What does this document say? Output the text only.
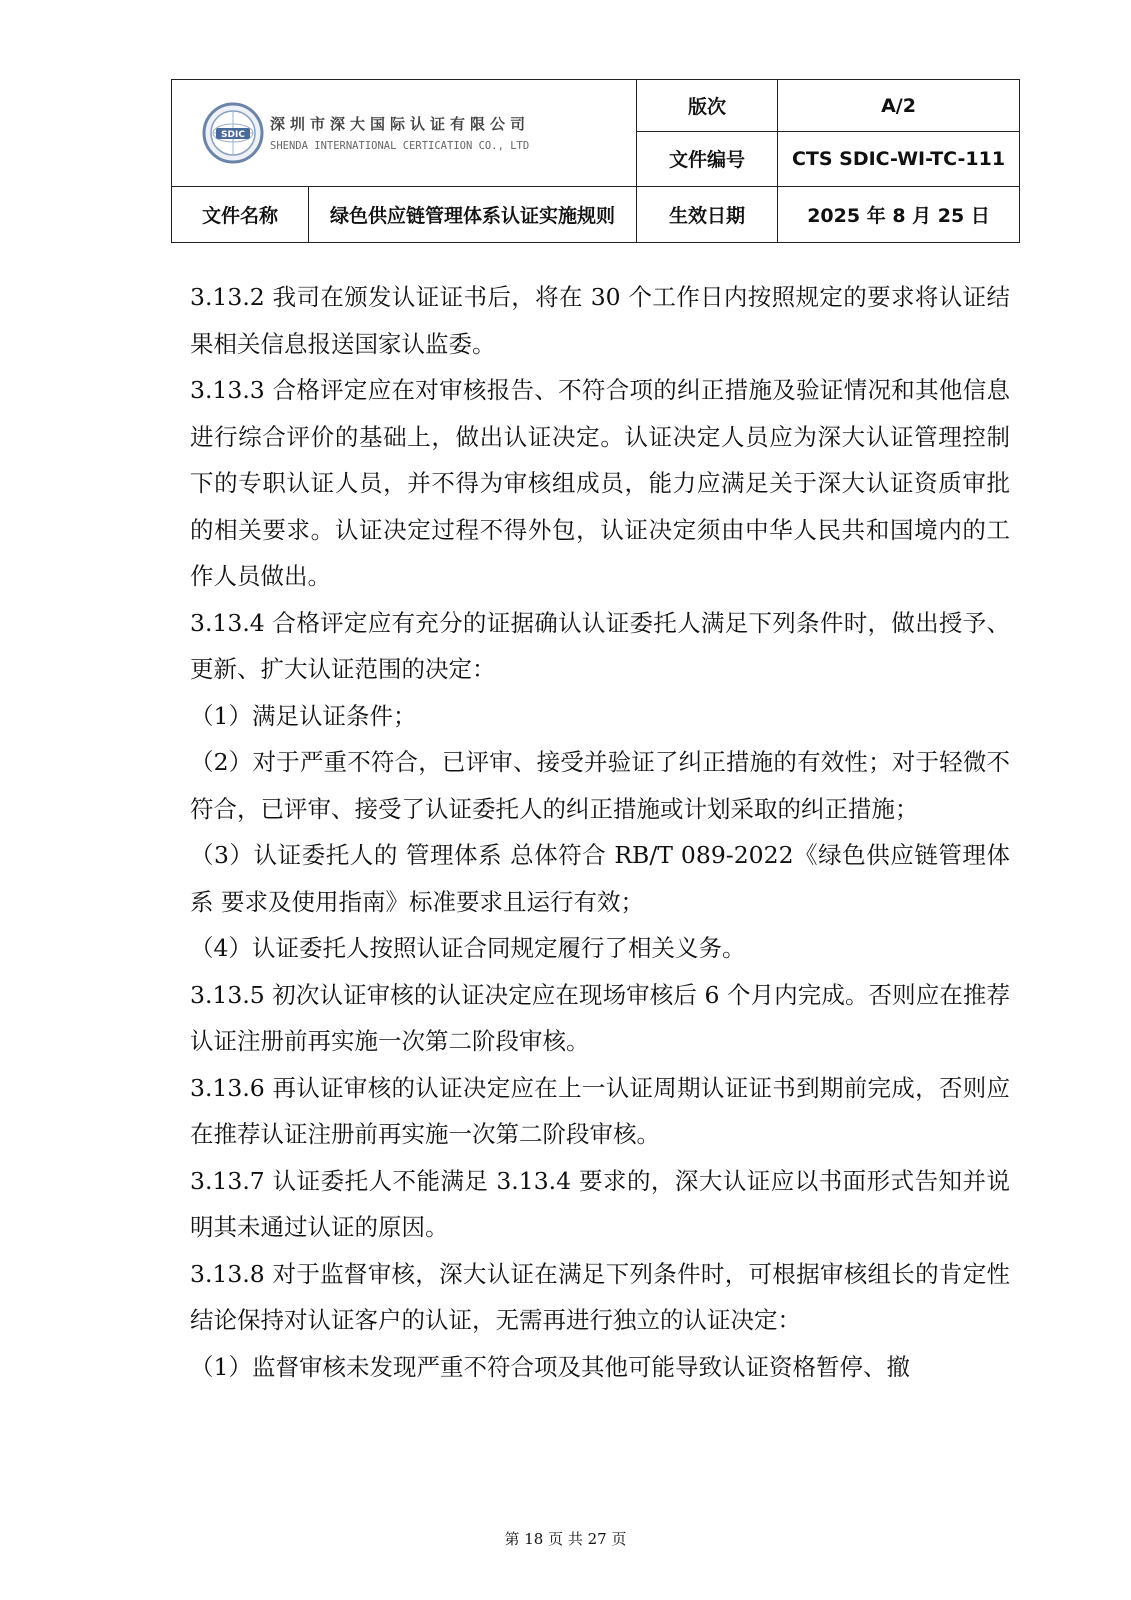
SDIC
深圳市深大国际认证有限公司
SHENDA INTERNATIONAL CERTICATION CO., LTD		版次	A/2
		文件编号	CTS SDIC-WI-TC-111
文件名称	绿色供应链管理体系认证实施规则	生效日期	2025 年 8 月 25 日

3.13.2 我司在颁发认证证书后，将在 30 个工作日内按照规定的要求将认证结果相关信息报送国家认监委。

3.13.3 合格评定应在对审核报告、不符合项的纠正措施及验证情况和其他信息进行综合评价的基础上，做出认证决定。认证决定人员应为深大认证管理控制下的专职认证人员，并不得为审核组成员，能力应满足关于深大认证资质审批的相关要求。认证决定过程不得外包，认证决定须由中华人民共和国境内的工作人员做出。

3.13.4 合格评定应有充分的证据确认认证委托人满足下列条件时，做出授予、更新、扩大认证范围的决定：

（1）满足认证条件；

（2）对于严重不符合，已评审、接受并验证了纠正措施的有效性；对于轻微不符合，已评审、接受了认证委托人的纠正措施或计划采取的纠正措施；

（3）认证委托人的 管理体系 总体符合 RB/T 089-2022《绿色供应链管理体系 要求及使用指南》标准要求且运行有效；

（4）认证委托人按照认证合同规定履行了相关义务。

3.13.5 初次认证审核的认证决定应在现场审核后 6 个月内完成。否则应在推荐认证注册前再实施一次第二阶段审核。

3.13.6 再认证审核的认证决定应在上一认证周期认证证书到期前完成，否则应在推荐认证注册前再实施一次第二阶段审核。

3.13.7 认证委托人不能满足 3.13.4 要求的，深大认证应以书面形式告知并说明其未通过认证的原因。

3.13.8 对于监督审核，深大认证在满足下列条件时，可根据审核组长的肯定性结论保持对认证客户的认证，无需再进行独立的认证决定：

（1）监督审核未发现严重不符合项及其他可能导致认证资格暂停、撤

第 18 页 共 27 页
